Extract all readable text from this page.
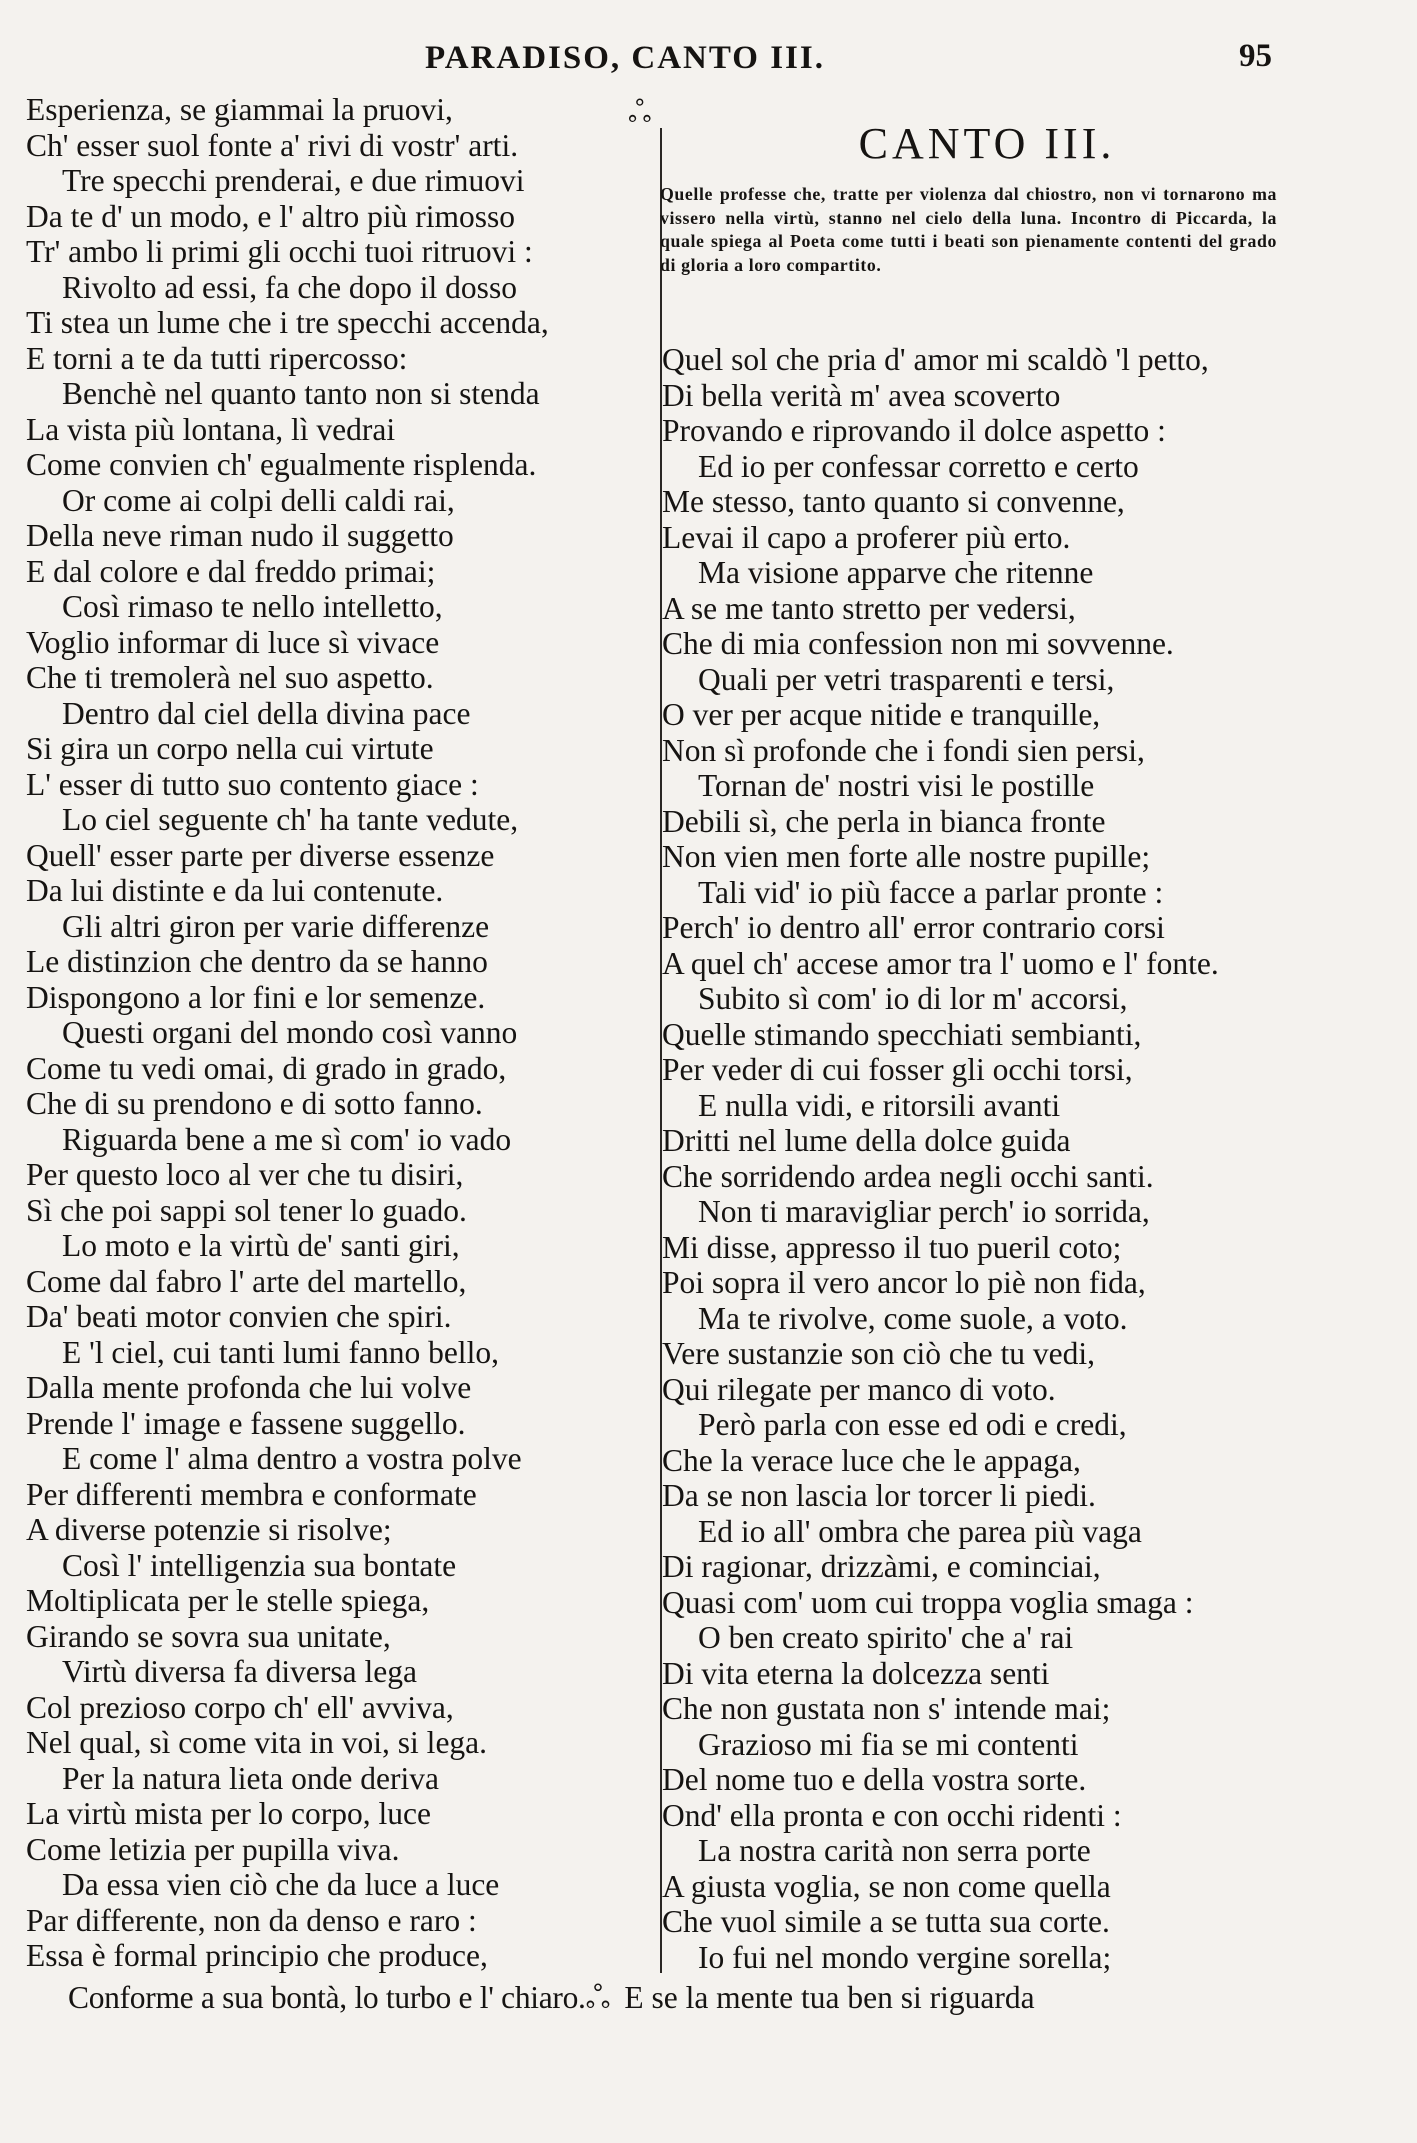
PARADISO, CANTO III.	95
ஃ
Esperienza, se giammai la pruovi,
Ch' esser suol fonte a' rivi di vostr' arti.
Tre specchi prenderai, e due rimuovi
Da te d' un modo, e l' altro più rimosso
Tr' ambo li primi gli occhi tuoi ritruovi :
Rivolto ad essi, fa che dopo il dosso
Ti stea un lume che i tre specchi accenda,
E torni a te da tutti ripercosso:
Benchè nel quanto tanto non si stenda
La vista più lontana, lì vedrai
Come convien ch' egualmente risplenda.
Or come ai colpi delli caldi rai,
Della neve riman nudo il suggetto
E dal colore e dal freddo primai;
Così rimaso te nello intelletto,
Voglio informar di luce sì vivace
Che ti tremolerà nel suo aspetto.
Dentro dal ciel della divina pace
Si gira un corpo nella cui virtute
L' esser di tutto suo contento giace :
Lo ciel seguente ch' ha tante vedute,
Quell' esser parte per diverse essenze
Da lui distinte e da lui contenute.
Gli altri giron per varie differenze
Le distinzion che dentro da se hanno
Dispongono a lor fini e lor semenze.
Questi organi del mondo così vanno
Come tu vedi omai, di grado in grado,
Che di su prendono e di sotto fanno.
Riguarda bene a me sì com' io vado
Per questo loco al ver che tu disiri,
Sì che poi sappi sol tener lo guado.
Lo moto e la virtù de' santi giri,
Come dal fabro l' arte del martello,
Da' beati motor convien che spiri.
E 'l ciel, cui tanti lumi fanno bello,
Dalla mente profonda che lui volve
Prende l' image e fassene suggello.
E come l' alma dentro a vostra polve
Per differenti membra e conformate
A diverse potenzie si risolve;
Così l' intelligenzia sua bontate
Moltiplicata per le stelle spiega,
Girando se sovra sua unitate,
Virtù diversa fa diversa lega
Col prezioso corpo ch' ell' avviva,
Nel qual, sì come vita in voi, si lega.
Per la natura lieta onde deriva
La virtù mista per lo corpo, luce
Come letizia per pupilla viva.
Da essa vien ciò che da luce a luce
Par differente, non da denso e raro :
Essa è formal principio che produce,
CANTO III.
Quelle professe che, tratte per violenza dal chiostro, non vi tornarono ma vissero nella virtù, stanno nel cielo della luna. Incontro di Piccarda, la quale spiega al Poeta come tutti i beati son pienamente contenti del grado di gloria a loro compartito.
Quel sol che pria d' amor mi scaldò 'l petto,
Di bella verità m' avea scoverto
Provando e riprovando il dolce aspetto :
Ed io per confessar corretto e certo
Me stesso, tanto quanto si convenne,
Levai il capo a proferer più erto.
Ma visione apparve che ritenne
A se me tanto stretto per vedersi,
Che di mia confession non mi sovvenne.
Quali per vetri trasparenti e tersi,
O ver per acque nitide e tranquille,
Non sì profonde che i fondi sien persi,
Tornan de' nostri visi le postille
Debili sì, che perla in bianca fronte
Non vien men forte alle nostre pupille;
Tali vid' io più facce a parlar pronte :
Perch' io dentro all' error contrario corsi
A quel ch' accese amor tra l' uomo e l' fonte.
Subito sì com' io di lor m' accorsi,
Quelle stimando specchiati sembianti,
Per veder di cui fosser gli occhi torsi,
E nulla vidi, e ritorsili avanti
Dritti nel lume della dolce guida
Che sorridendo ardea negli occhi santi.
Non ti maravigliar perch' io sorrida,
Mi disse, appresso il tuo pueril coto;
Poi sopra il vero ancor lo piè non fida,
Ma te rivolve, come suole, a voto.
Vere sustanzie son ciò che tu vedi,
Qui rilegate per manco di voto.
Però parla con esse ed odi e credi,
Che la verace luce che le appaga,
Da se non lascia lor torcer li piedi.
Ed io all' ombra che parea più vaga
Di ragionar, drizzàmi, e cominciai,
Quasi com' uom cui troppa voglia smaga :
O ben creato spirito' che a' rai
Di vita eterna la dolcezza senti
Che non gustata non s' intende mai;
Grazioso mi fia se mi contenti
Del nome tuo e della vostra sorte.
Ond' ella pronta e con occhi ridenti :
La nostra carità non serra porte
A giusta voglia, se non come quella
Che vuol simile a se tutta sua corte.
Io fui nel mondo vergine sorella;
Conforme a sua bontà, lo turbo e l' chiaro.ஃ E se la mente tua ben si riguarda
